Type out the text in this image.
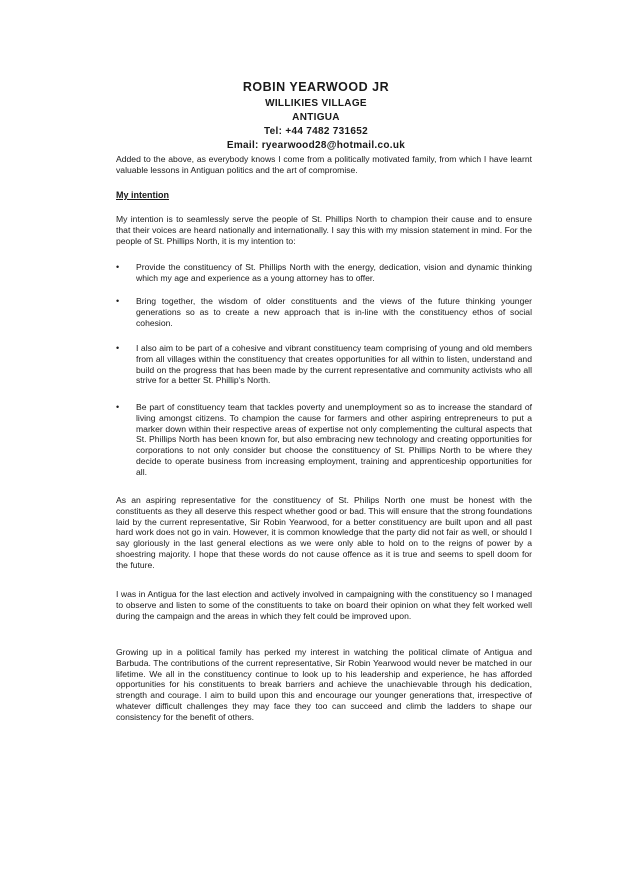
ROBIN YEARWOOD JR
WILLIKIES VILLAGE
ANTIGUA
Tel: +44 7482 731652
Email: ryearwood28@hotmail.co.uk

Added to the above, as everybody knows I come from a politically motivated family, from which I have learnt valuable lessons in Antiguan politics and the art of compromise.

My intention

My intention is to seamlessly serve the people of St. Phillips North to champion their cause and to ensure that their voices are heard nationally and internationally. I say this with my mission statement in mind. For the people of St. Phillips North, it is my intention to:

• Provide the constituency of St. Phillips North with the energy, dedication, vision and dynamic thinking which my age and experience as a young attorney has to offer.
• Bring together, the wisdom of older constituents and the views of the future thinking younger generations so as to create a new approach that is in-line with the constituency ethos of social cohesion.
• I also aim to be part of a cohesive and vibrant constituency team comprising of young and old members from all villages within the constituency that creates opportunities for all within to listen, understand and build on the progress that has been made by the current representative and community activists who all strive for a better St. Phillip's North.
• Be part of constituency team that tackles poverty and unemployment so as to increase the standard of living amongst citizens. To champion the cause for farmers and other aspiring entrepreneurs to put a marker down within their respective areas of expertise not only complementing the cultural aspects that St. Phillips North has been known for, but also embracing new technology and creating opportunities for corporations to not only consider but choose the constituency of St. Phillips North to be where they decide to operate business from increasing employment, training and apprenticeship opportunities for all.

As an aspiring representative for the constituency of St. Philips North one must be honest with the constituents as they all deserve this respect whether good or bad. This will ensure that the strong foundations laid by the current representative, Sir Robin Yearwood, for a better constituency are built upon and all past hard work does not go in vain. However, it is common knowledge that the party did not fair as well, or should I say gloriously in the last general elections as we were only able to hold on to the reigns of power by a shoestring majority. I hope that these words do not cause offence as it is true and seems to spell doom for the future.

I was in Antigua for the last election and actively involved in campaigning with the constituency so I managed to observe and listen to some of the constituents to take on board their opinion on what they felt worked well during the campaign and the areas in which they felt could be improved upon.

Growing up in a political family has perked my interest in watching the political climate of Antigua and Barbuda. The contributions of the current representative, Sir Robin Yearwood would never be matched in our lifetime. We all in the constituency continue to look up to his leadership and experience, he has afforded opportunities for his constituents to break barriers and achieve the unachievable through his dedication, strength and courage. I aim to build upon this and encourage our younger generations that, irrespective of whatever difficult challenges they may face they too can succeed and climb the ladders to shape our consistency for the benefit of others.
